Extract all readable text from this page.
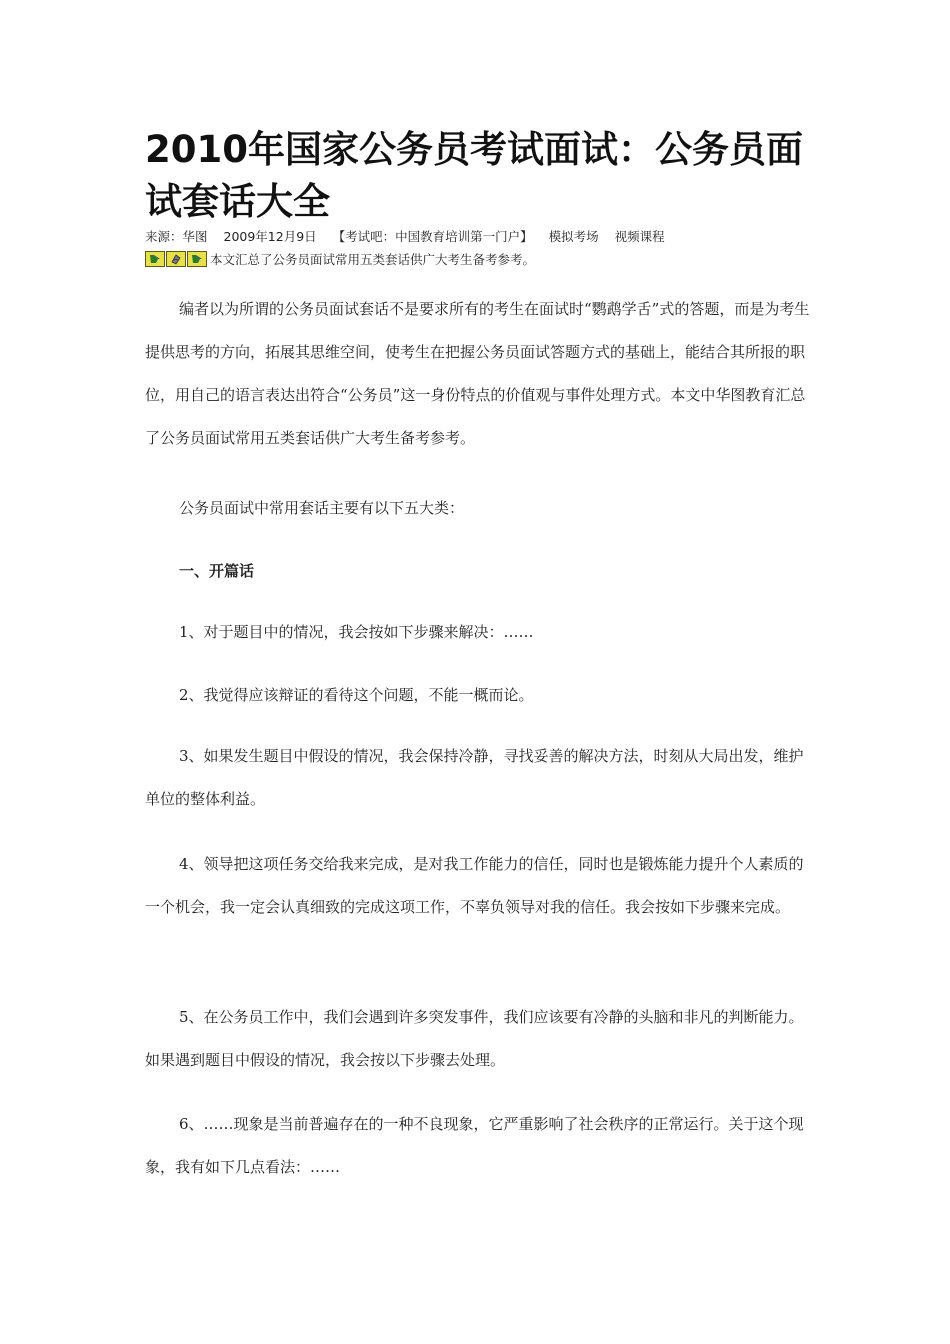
2010年国家公务员考试面试：公务员面试套话大全
来源：华图 2009年12月9日 【考试吧：中国教育培训第一门户】 模拟考场 视频课程
本文汇总了公务员面试常用五类套话供广大考生备考参考。

编者以为所谓的公务员面试套话不是要求所有的考生在面试时“鹦鹉学舌”式的答题，而是为考生提供思考的方向，拓展其思维空间，使考生在把握公务员面试答题方式的基础上，能结合其所报的职位，用自己的语言表达出符合“公务员”这一身份特点的价值观与事件处理方式。本文中华图教育汇总了公务员面试常用五类套话供广大考生备考参考。

公务员面试中常用套话主要有以下五大类：

一、开篇话

1、对于题目中的情况，我会按如下步骤来解决：……

2、我觉得应该辩证的看待这个问题，不能一概而论。

3、如果发生题目中假设的情况，我会保持冷静，寻找妥善的解决方法，时刻从大局出发，维护单位的整体利益。

4、领导把这项任务交给我来完成，是对我工作能力的信任，同时也是锻炼能力提升个人素质的一个机会，我一定会认真细致的完成这项工作，不辜负领导对我的信任。我会按如下步骤来完成。

5、在公务员工作中，我们会遇到许多突发事件，我们应该要有冷静的头脑和非凡的判断能力。如果遇到题目中假设的情况，我会按以下步骤去处理。

6、……现象是当前普遍存在的一种不良现象，它严重影响了社会秩序的正常运行。关于这个现象，我有如下几点看法：……
